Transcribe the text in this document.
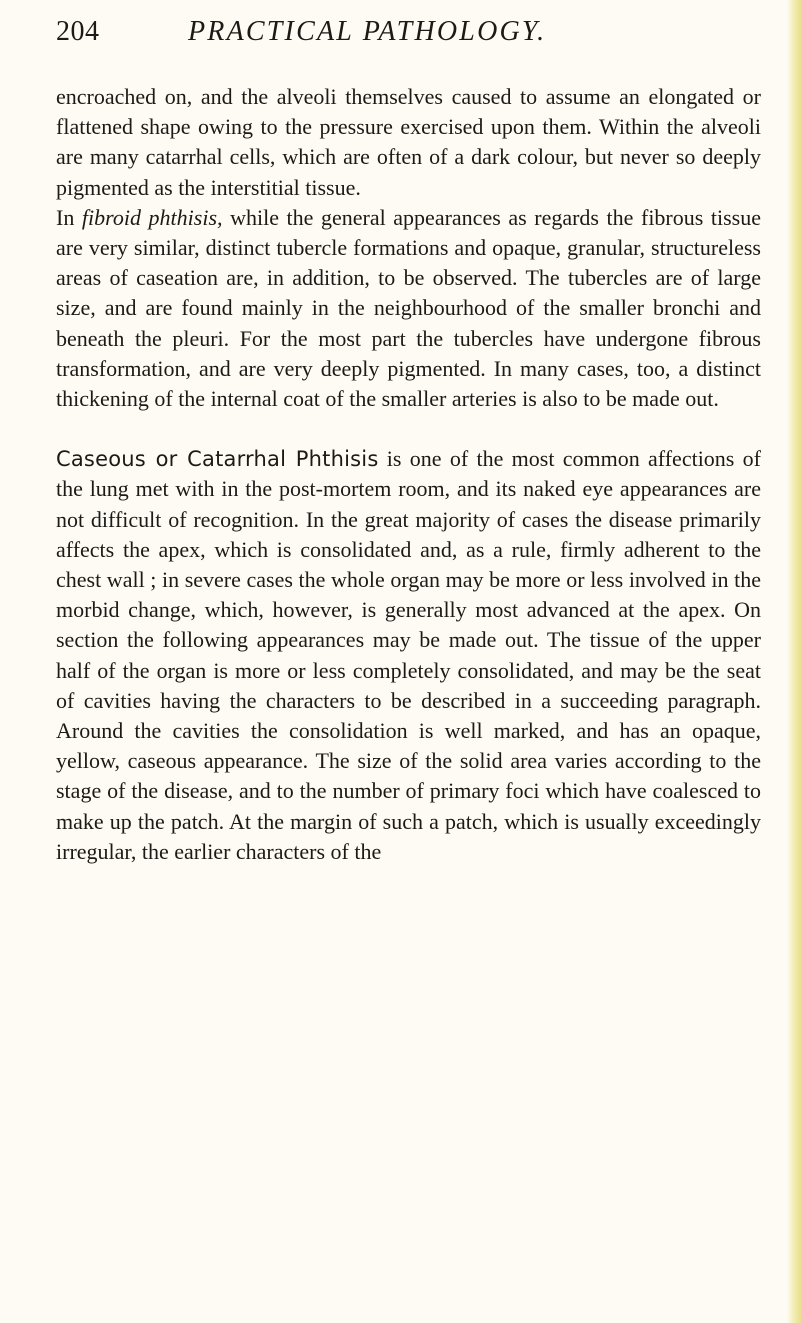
204	PRACTICAL PATHOLOGY.

encroached on, and the alveoli themselves caused to assume an elongated or flattened shape owing to the pressure exercised upon them. Within the alveoli are many catarrhal cells, which are often of a dark colour, but never so deeply pigmented as the interstitial tissue.

In fibroid phthisis, while the general appearances as regards the fibrous tissue are very similar, distinct tubercle formations and opaque, granular, structureless areas of caseation are, in addition, to be observed. The tubercles are of large size, and are found mainly in the neighbourhood of the smaller bronchi and beneath the pleuri. For the most part the tubercles have undergone fibrous transformation, and are very deeply pigmented. In many cases, too, a distinct thickening of the internal coat of the smaller arteries is also to be made out.

Caseous or Catarrhal Phthisis is one of the most common affections of the lung met with in the post-mortem room, and its naked eye appearances are not difficult of recognition. In the great majority of cases the disease primarily affects the apex, which is consolidated and, as a rule, firmly adherent to the chest wall ; in severe cases the whole organ may be more or less involved in the morbid change, which, however, is generally most advanced at the apex. On section the following appearances may be made out. The tissue of the upper half of the organ is more or less completely consolidated, and may be the seat of cavities having the characters to be described in a succeeding paragraph. Around the cavities the consolidation is well marked, and has an opaque, yellow, caseous appearance. The size of the solid area varies according to the stage of the disease, and to the number of primary foci which have coalesced to make up the patch. At the margin of such a patch, which is usually exceedingly irregular, the earlier characters of the
